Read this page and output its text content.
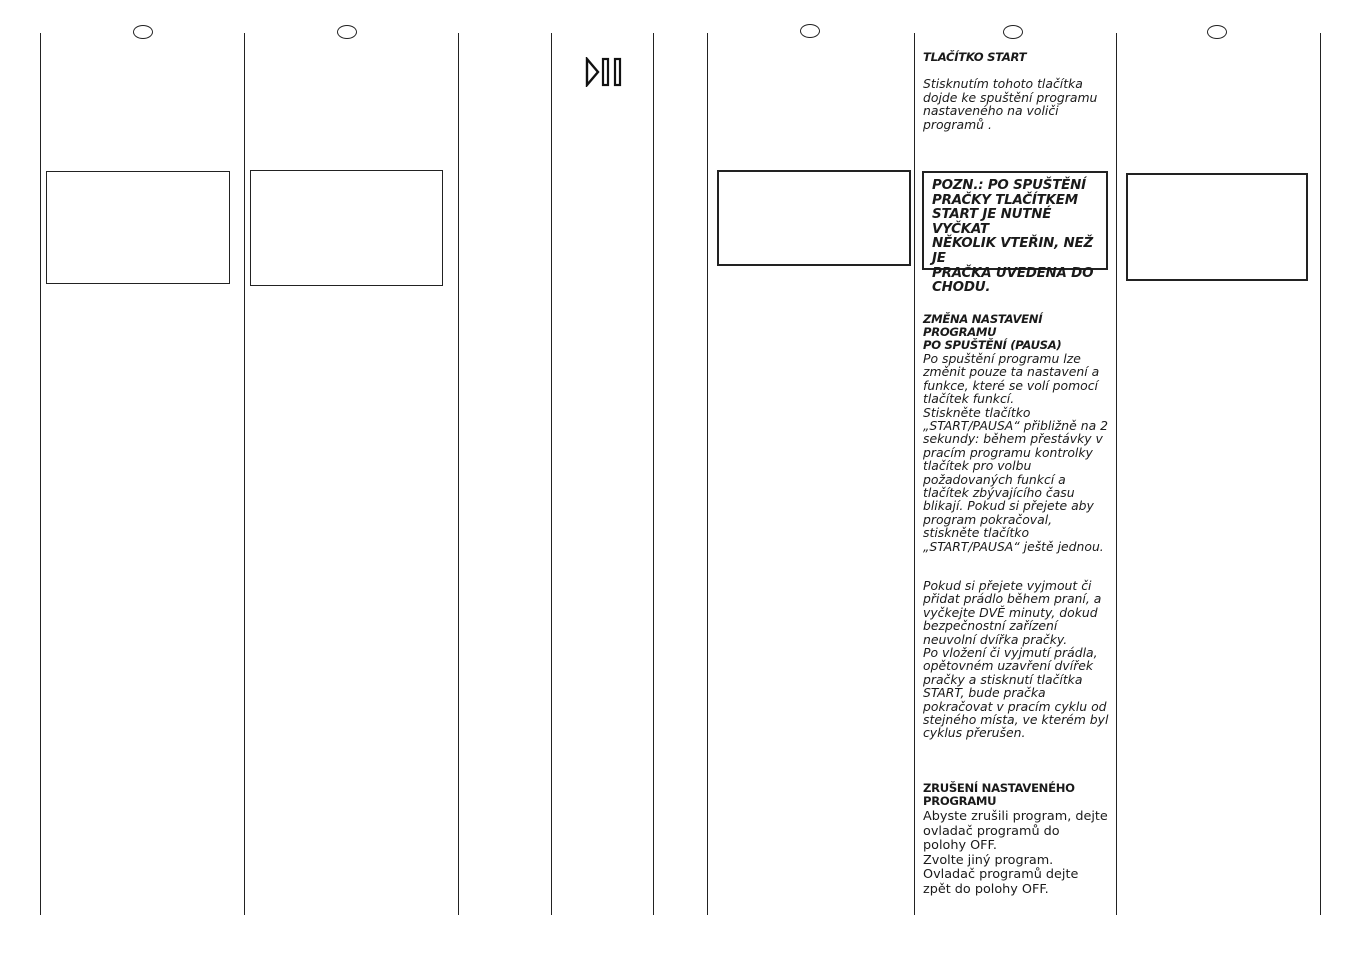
TLAČÍTKO START
Stisknutím tohoto tlačítka
dojde ke spuštění programu
nastaveného na voliči
programů .
POZN.: PO SPUŠTĚNÍ
PRAČKY TLAČÍTKEM
START JE NUTNÉ VYČKAT
NĚKOLIK VTEŘIN, NEŽ JE
PRAČKA UVEDENA DO
CHODU.
ZMĚNA NASTAVENÍ PROGRAMU
PO SPUŠTĚNÍ (PAUSA)
Po spuštění programu lze
změnit pouze ta nastavení a
funkce, které se volí pomocí
tlačítek funkcí.
Stiskněte tlačítko
„START/PAUSA“ přibližně na 2
sekundy: během přestávky v
pracím programu kontrolky
tlačítek pro volbu
požadovaných funkcí a
tlačítek zbývajícího času
blikají. Pokud si přejete aby
program pokračoval,
stiskněte tlačítko
„START/PAUSA“ ještě jednou.
Pokud si přejete vyjmout či
přidat prádlo během praní, a
vyčkejte DVĚ minuty, dokud
bezpečnostní zařízení
neuvolní dvířka pračky.
Po vložení či vyjmutí prádla,
opětovném uzavření dvířek
pračky a stisknutí tlačítka
START, bude pračka
pokračovat v pracím cyklu od
stejného místa, ve kterém byl
cyklus přerušen.
ZRUŠENÍ NASTAVENÉHO
PROGRAMU
Abyste zrušili program, dejte
ovladač programů do
polohy OFF.
Zvolte jiný program.
Ovladač programů dejte
zpět do polohy OFF.
